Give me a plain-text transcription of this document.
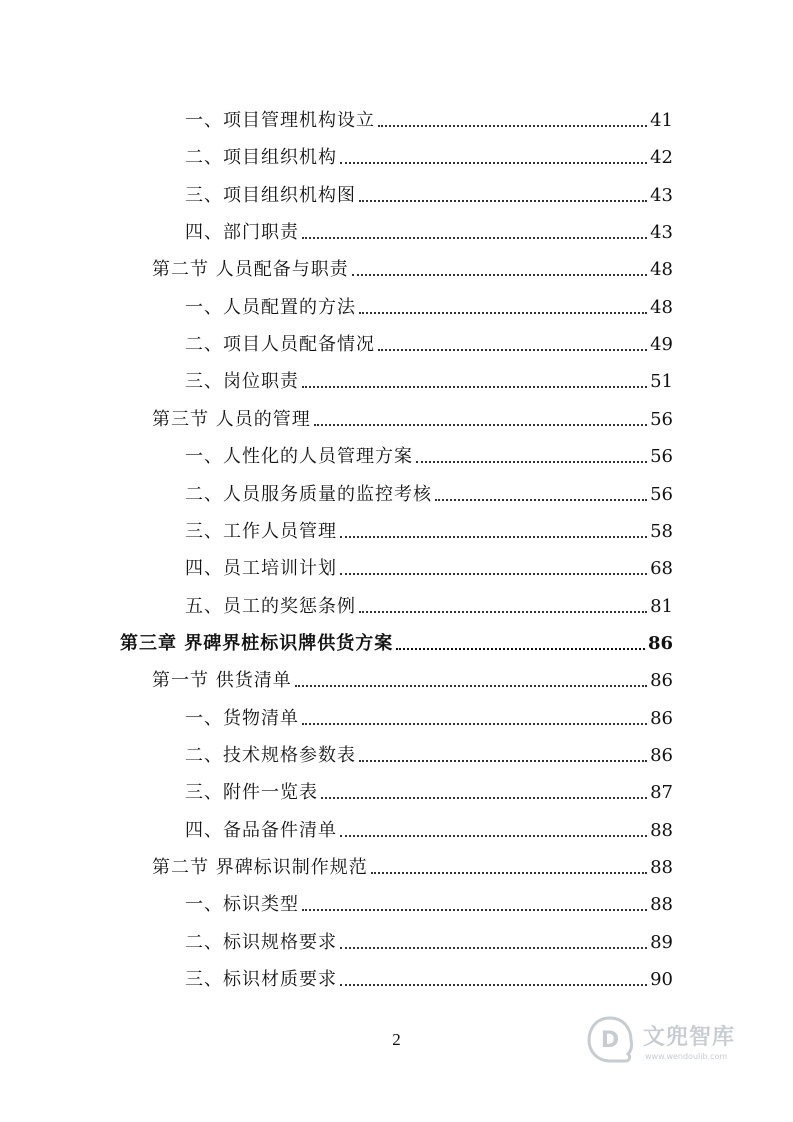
一、项目管理机构设立	41
二、项目组织机构	42
三、项目组织机构图	43
四、部门职责	43
第二节 人员配备与职责	48
一、人员配置的方法	48
二、项目人员配备情况	49
三、岗位职责	51
第三节 人员的管理	56
一、人性化的人员管理方案	56
二、人员服务质量的监控考核	56
三、工作人员管理	58
四、员工培训计划	68
五、员工的奖惩条例	81
第三章 界碑界桩标识牌供货方案	86
第一节 供货清单	86
一、货物清单	86
二、技术规格参数表	86
三、附件一览表	87
四、备品备件清单	88
第二节 界碑标识制作规范	88
一、标识类型	88
二、标识规格要求	89
三、标识材质要求	90
2	D 文兜智库
www.wendoulib.com
